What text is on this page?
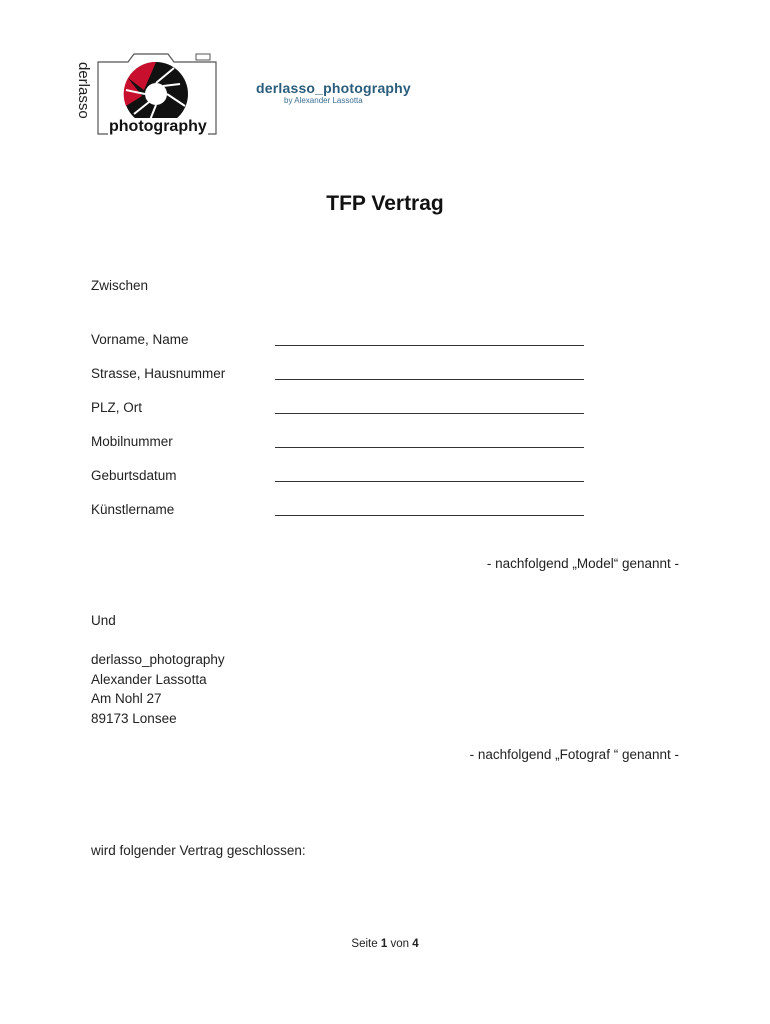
derlasso
photography
derlasso_photography
by Alexander Lassotta
TFP Vertrag
Zwischen
Vorname, Name
Strasse, Hausnummer
PLZ, Ort
Mobilnummer
Geburtsdatum
Künstlername
- nachfolgend „Model“ genannt -
Und
derlasso_photography
Alexander Lassotta
Am Nohl 27
89173 Lonsee
- nachfolgend „Fotograf “ genannt -
wird folgender Vertrag geschlossen:
Seite 1 von 4
